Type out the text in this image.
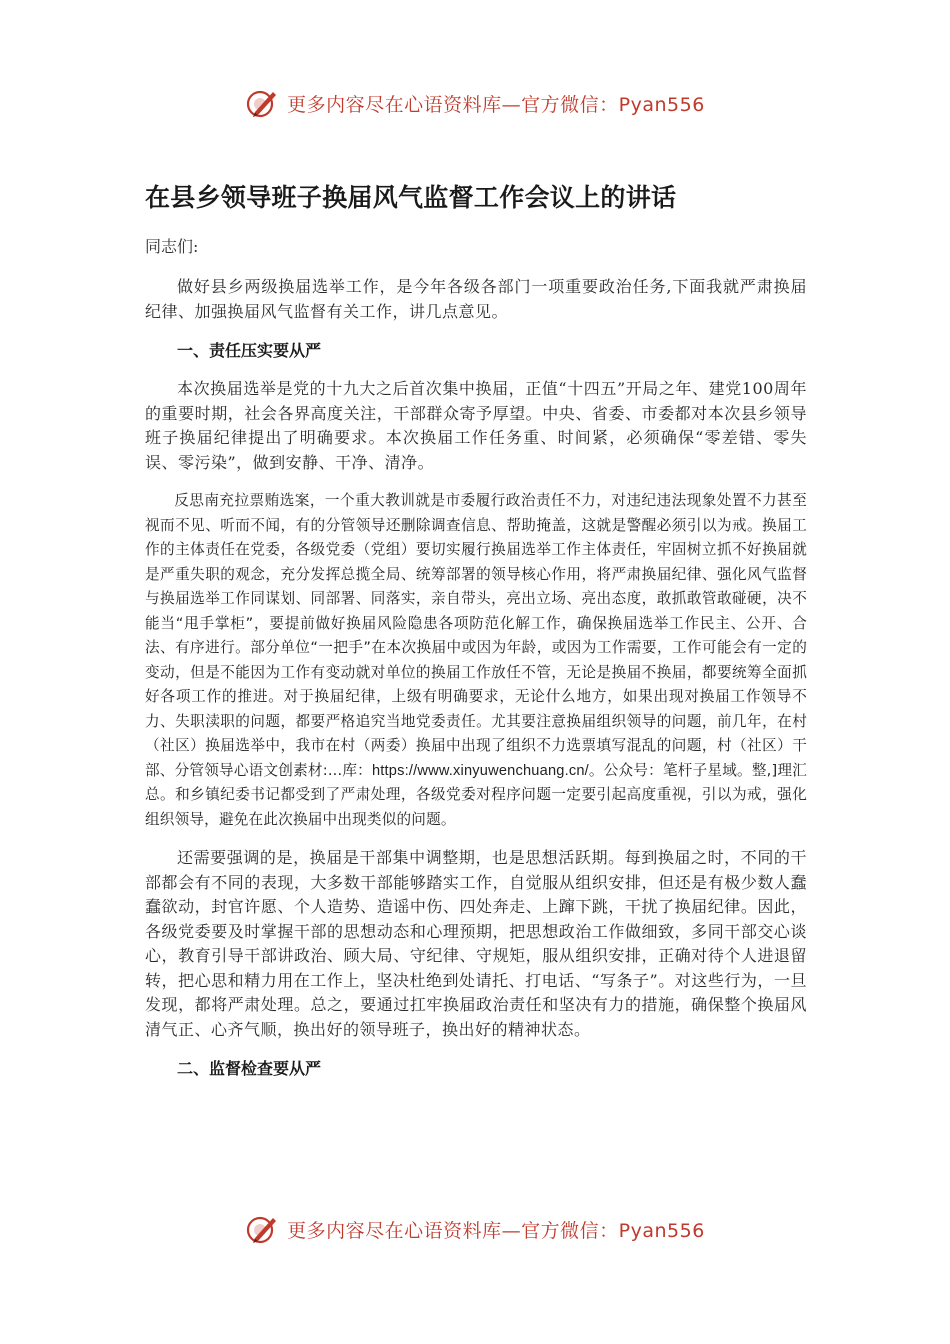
更多内容尽在心语资料库—官方微信：Pyan556
在县乡领导班子换届风气监督工作会议上的讲话
同志们:

做好县乡两级换届选举工作，是今年各级各部门一项重要政治任务,下面我就严肃换届纪律、加强换届风气监督有关工作，讲几点意见。

一、责任压实要从严

本次换届选举是党的十九大之后首次集中换届，正值“十四五”开局之年、建党100周年的重要时期，社会各界高度关注，干部群众寄予厚望。中央、省委、市委都对本次县乡领导班子换届纪律提出了明确要求。本次换届工作任务重、时间紧，必须确保“零差错、零失误、零污染”，做到安静、干净、清净。

反思南充拉票贿选案，一个重大教训就是市委履行政治责任不力，对违纪违法现象处置不力甚至视而不见、听而不闻，有的分管领导还删除调查信息、帮助掩盖，这就是警醒必须引以为戒。换届工作的主体责任在党委，各级党委（党组）要切实履行换届选举工作主体责任，牢固树立抓不好换届就是严重失职的观念，充分发挥总揽全局、统筹部署的领导核心作用，将严肃换届纪律、强化风气监督与换届选举工作同谋划、同部署、同落实，亲自带头，亮出立场、亮出态度，敢抓敢管敢碰硬，决不能当“甩手掌柜”，要提前做好换届风险隐患各项防范化解工作，确保换届选举工作民主、公开、合法、有序进行。部分单位“一把手”在本次换届中或因为年龄，或因为工作需要，工作可能会有一定的变动，但是不能因为工作有变动就对单位的换届工作放任不管，无论是换届不换届，都要统筹全面抓好各项工作的推进。对于换届纪律，上级有明确要求，无论什么地方，如果出现对换届工作领导不力、失职渎职的问题，都要严格追究当地党委责任。尤其要注意换届组织领导的问题，前几年，在村（社区）换届选举中，我市在村（两委）换届中出现了组织不力选票填写混乱的问题，村（社区）干部、分管领导心语文创素材:...库：https://www.xinyuwenchuang.cn/。公众号：笔杆子星域。整,]理汇总。和乡镇纪委书记都受到了严肃处理，各级党委对程序问题一定要引起高度重视，引以为戒，强化组织领导，避免在此次换届中出现类似的问题。

还需要强调的是，换届是干部集中调整期，也是思想活跃期。每到换届之时，不同的干部都会有不同的表现，大多数干部能够踏实工作，自觉服从组织安排，但还是有极少数人蠢蠢欲动，封官许愿、个人造势、造谣中伤、四处奔走、上蹿下跳，干扰了换届纪律。因此，各级党委要及时掌握干部的思想动态和心理预期，把思想政治工作做细致，多同干部交心谈心，教育引导干部讲政治、顾大局、守纪律、守规矩，服从组织安排，正确对待个人进退留转，把心思和精力用在工作上，坚决杜绝到处请托、打电话、“写条子”。对这些行为，一旦发现，都将严肃处理。总之，要通过扛牢换届政治责任和坚决有力的措施，确保整个换届风清气正、心齐气顺，换出好的领导班子，换出好的精神状态。

二、监督检查要从严
更多内容尽在心语资料库—官方微信：Pyan556
